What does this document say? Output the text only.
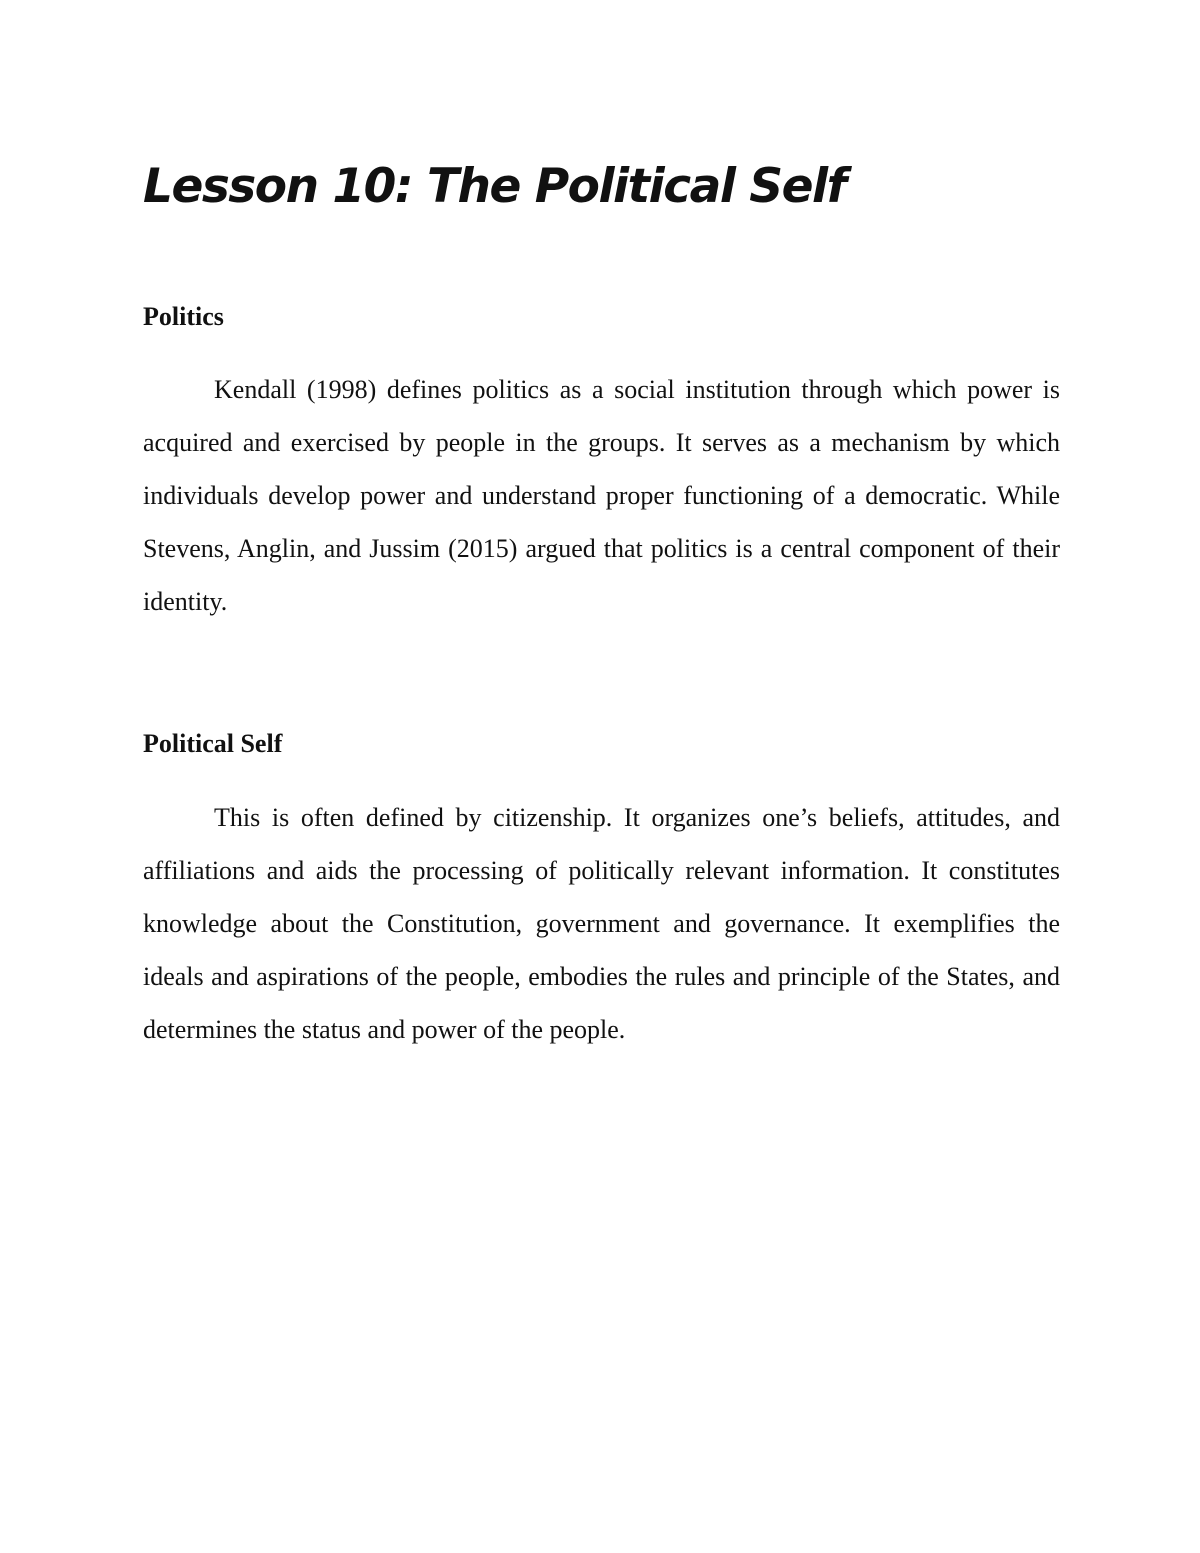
Lesson 10: The Political Self
Politics

Kendall (1998) defines politics as a social institution through which power is acquired and exercised by people in the groups. It serves as a mechanism by which individuals develop power and understand proper functioning of a democratic. While Stevens, Anglin, and Jussim (2015) argued that politics is a central component of their identity.

Political Self

This is often defined by citizenship. It organizes one’s beliefs, attitudes, and affiliations and aids the processing of politically relevant information. It constitutes knowledge about the Constitution, government and governance. It exemplifies the ideals and aspirations of the people, embodies the rules and principle of the States, and determines the status and power of the people.
